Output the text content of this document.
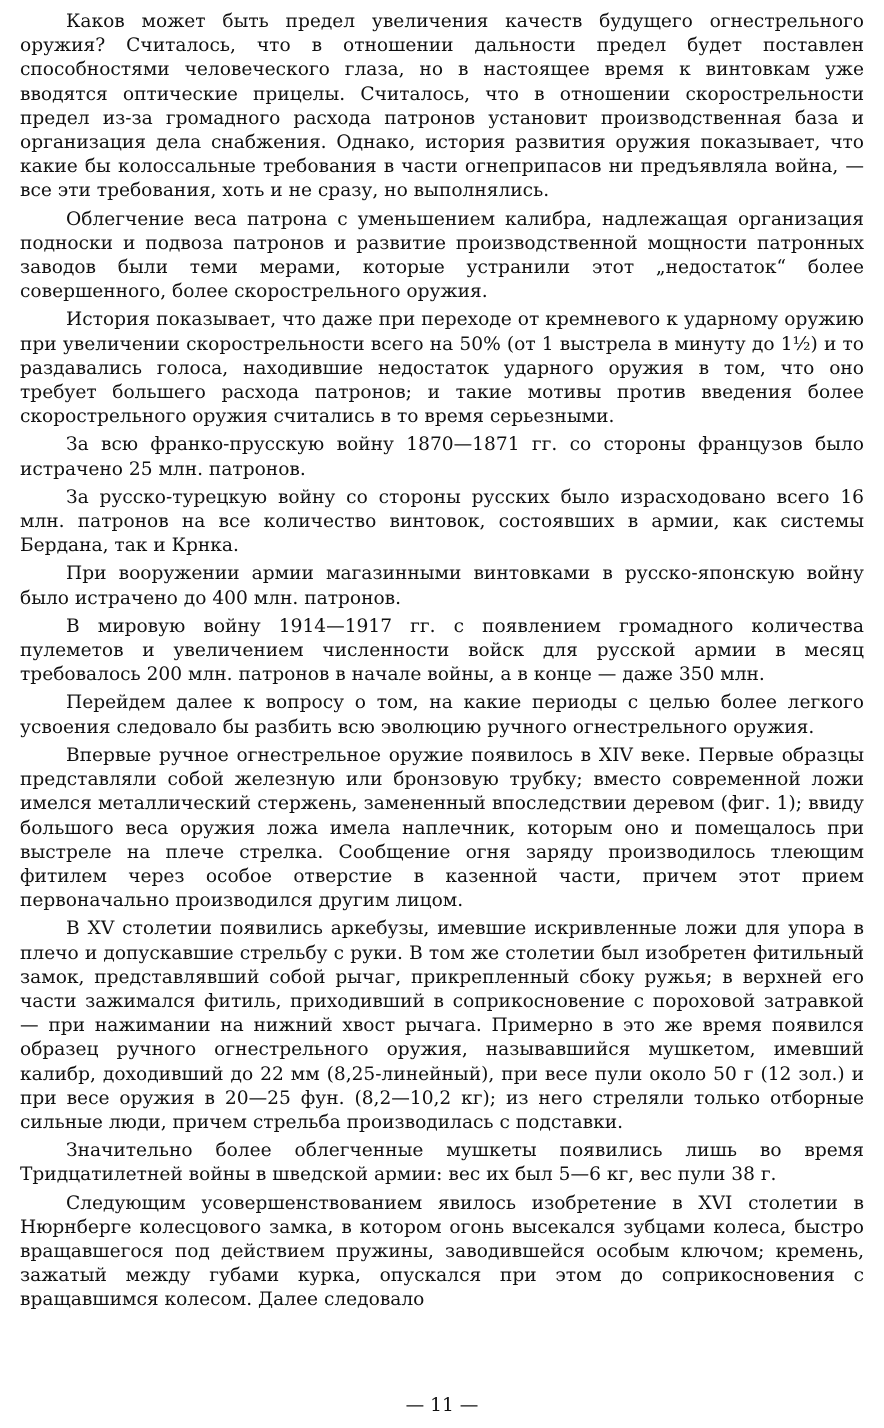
Каков может быть предел увеличения качеств будущего огнестрельного оружия? Считалось, что в отношении дальности предел будет поставлен способностями человеческого глаза, но в настоящее время к винтовкам уже вводятся оптические прицелы. Считалось, что в отношении скорострельности предел из-за громадного расхода патронов установит производственная база и организация дела снабжения. Однако, история развития оружия показывает, что какие бы колоссальные требования в части огнеприпасов ни предъявляла война, — все эти требования, хоть и не сразу, но выполнялись.

Облегчение веса патрона с уменьшением калибра, надлежащая организация подноски и подвоза патронов и развитие производственной мощности патронных заводов были теми мерами, которые устранили этот „недостаток“ более совершенного, более скорострельного оружия.

История показывает, что даже при переходе от кремневого к ударному оружию при увеличении скорострельности всего на 50% (от 1 выстрела в минуту до 1½) и то раздавались голоса, находившие недостаток ударного оружия в том, что оно требует большего расхода патронов; и такие мотивы против введения более скорострельного оружия считались в то время серьезными.

За всю франко-прусскую войну 1870—1871 гг. со стороны французов было истрачено 25 млн. патронов.

За русско-турецкую войну со стороны русских было израсходовано всего 16 млн. патронов на все количество винтовок, состоявших в армии, как системы Бердана, так и Крнка.

При вооружении армии магазинными винтовками в русско-японскую войну было истрачено до 400 млн. патронов.

В мировую войну 1914—1917 гг. с появлением громадного количества пулеметов и увеличением численности войск для русской армии в месяц требовалось 200 млн. патронов в начале войны, а в конце — даже 350 млн.

Перейдем далее к вопросу о том, на какие периоды с целью более легкого усвоения следовало бы разбить всю эволюцию ручного огнестрельного оружия.

Впервые ручное огнестрельное оружие появилось в XIV веке. Первые образцы представляли собой железную или бронзовую трубку; вместо современной ложи имелся металлический стержень, замененный впоследствии деревом (фиг. 1); ввиду большого веса оружия ложа имела наплечник, которым оно и помещалось при выстреле на плече стрелка. Сообщение огня заряду производилось тлеющим фитилем через особое отверстие в казенной части, причем этот прием первоначально производился другим лицом.

В XV столетии появились аркебузы, имевшие искривленные ложи для упора в плечо и допускавшие стрельбу с руки. В том же столетии был изобретен фитильный замок, представлявший собой рычаг, прикрепленный сбоку ружья; в верхней его части зажимался фитиль, приходивший в соприкосновение с пороховой затравкой — при нажимании на нижний хвост рычага. Примерно в это же время появился образец ручного огнестрельного оружия, называвшийся мушкетом, имевший калибр, доходивший до 22 мм (8,25-линейный), при весе пули около 50 г (12 зол.) и при весе оружия в 20—25 фун. (8,2—10,2 кг); из него стреляли только отборные сильные люди, причем стрельба производилась с подставки.

Значительно более облегченные мушкеты появились лишь во время Тридцатилетней войны в шведской армии: вес их был 5—6 кг, вес пули 38 г.

Следующим усовершенствованием явилось изобретение в XVI столетии в Нюрнберге колесцового замка, в котором огонь высекался зубцами колеса, быстро вращавшегося под действием пружины, заводившейся особым ключом; кремень, зажатый между губами курка, опускался при этом до соприкосновения с вращавшимся колесом. Далее следовало

— 11 —
